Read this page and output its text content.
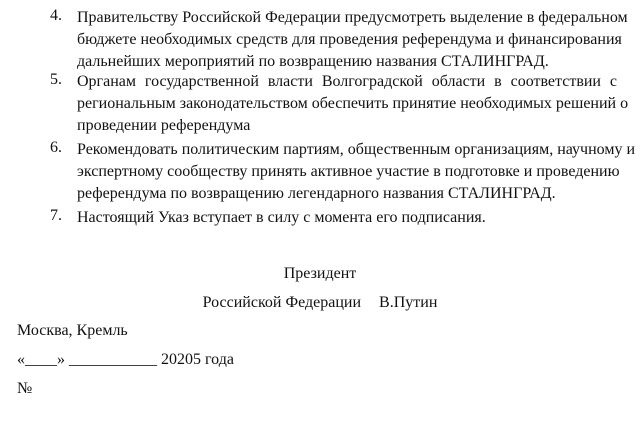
4. Правительству Российской Федерации предусмотреть выделение в федеральном
бюджете необходимых средств для проведения референдума и финансирования
дальнейших мероприятий по возвращению названия СТАЛИНГРАД.
5. Органам государственной власти Волгоградской области в соответствии с
региональным законодательством обеспечить принятие необходимых решений о
проведении референдума
6. Рекомендовать политическим партиям, общественным организациям, научному и
экспертному сообществу принять активное участие в подготовке и проведению
референдума по возвращению легендарного названия СТАЛИНГРАД.
7. Настоящий Указ вступает в силу с момента его подписания.
Президент
Российской Федерации В.Путин
Москва, Кремль
«____» ___________ 20205 года
№
